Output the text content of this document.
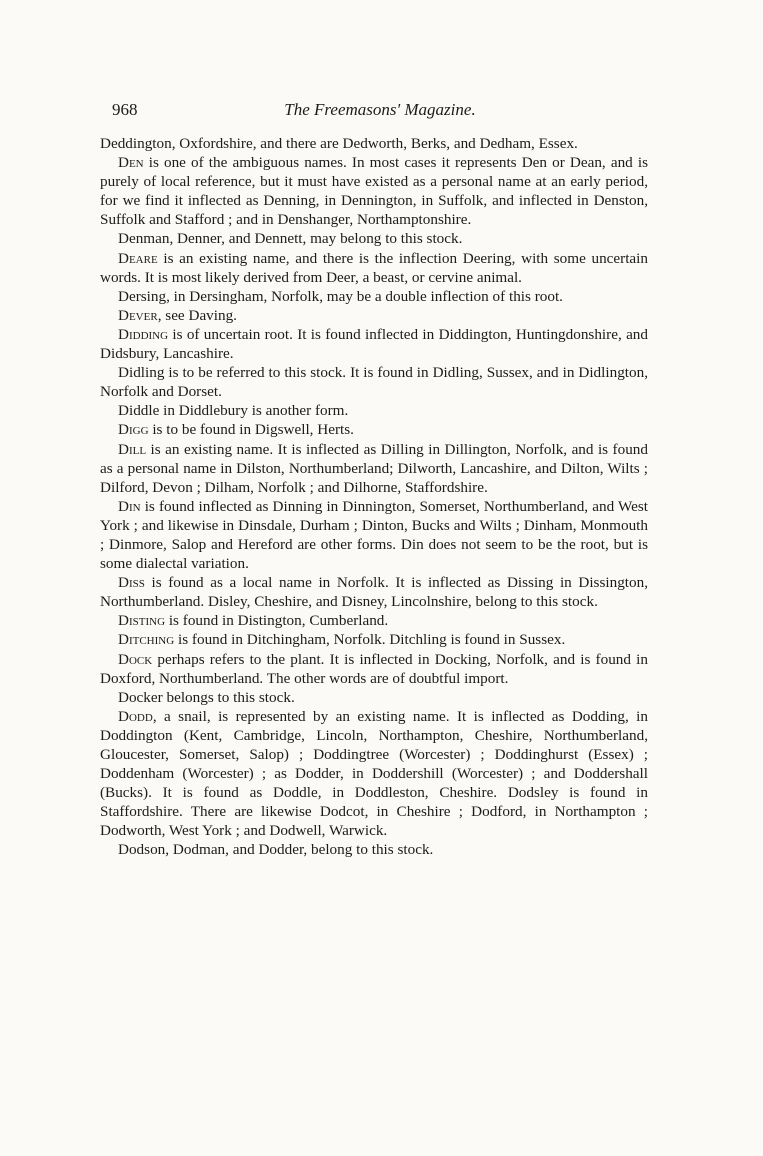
968	The Freemasons' Magazine.

Deddington, Oxfordshire, and there are Dedworth, Berks, and Dedham, Essex.

Den is one of the ambiguous names. In most cases it represents Den or Dean, and is purely of local reference, but it must have existed as a personal name at an early period, for we find it inflected as Denning, in Dennington, in Suffolk, and inflected in Denston, Suffolk and Stafford ; and in Denshanger, Northamptonshire.

Denman, Denner, and Dennett, may belong to this stock.

Deare is an existing name, and there is the inflection Deering, with some uncertain words. It is most likely derived from Deer, a beast, or cervine animal.

Dersing, in Dersingham, Norfolk, may be a double inflection of this root.

Dever, see Daving.

Didding is of uncertain root. It is found inflected in Diddington, Huntingdonshire, and Didsbury, Lancashire.

Didling is to be referred to this stock. It is found in Didling, Sussex, and in Didlington, Norfolk and Dorset.

Diddle in Diddlebury is another form.

Digg is to be found in Digswell, Herts.

Dill is an existing name. It is inflected as Dilling in Dillington, Norfolk, and is found as a personal name in Dilston, Northumberland; Dilworth, Lancashire, and Dilton, Wilts ; Dilford, Devon ; Dilham, Norfolk ; and Dilhorne, Staffordshire.

Din is found inflected as Dinning in Dinnington, Somerset, Northumberland, and West York ; and likewise in Dinsdale, Durham ; Dinton, Bucks and Wilts ; Dinham, Monmouth ; Dinmore, Salop and Hereford are other forms. Din does not seem to be the root, but is some dialectal variation.

Diss is found as a local name in Norfolk. It is inflected as Dissing in Dissington, Northumberland. Disley, Cheshire, and Disney, Lincolnshire, belong to this stock.

Disting is found in Distington, Cumberland.

Ditching is found in Ditchingham, Norfolk. Ditchling is found in Sussex.

Dock perhaps refers to the plant. It is inflected in Docking, Norfolk, and is found in Doxford, Northumberland. The other words are of doubtful import.

Docker belongs to this stock.

Dodd, a snail, is represented by an existing name. It is inflected as Dodding, in Doddington (Kent, Cambridge, Lincoln, Northampton, Cheshire, Northumberland, Gloucester, Somerset, Salop) ; Doddingtree (Worcester) ; Doddinghurst (Essex) ; Doddenham (Worcester) ; as Dodder, in Doddershill (Worcester) ; and Doddershall (Bucks). It is found as Doddle, in Doddleston, Cheshire. Dodsley is found in Staffordshire. There are likewise Dodcot, in Cheshire ; Dodford, in Northampton ; Dodworth, West York ; and Dodwell, Warwick.

Dodson, Dodman, and Dodder, belong to this stock.
